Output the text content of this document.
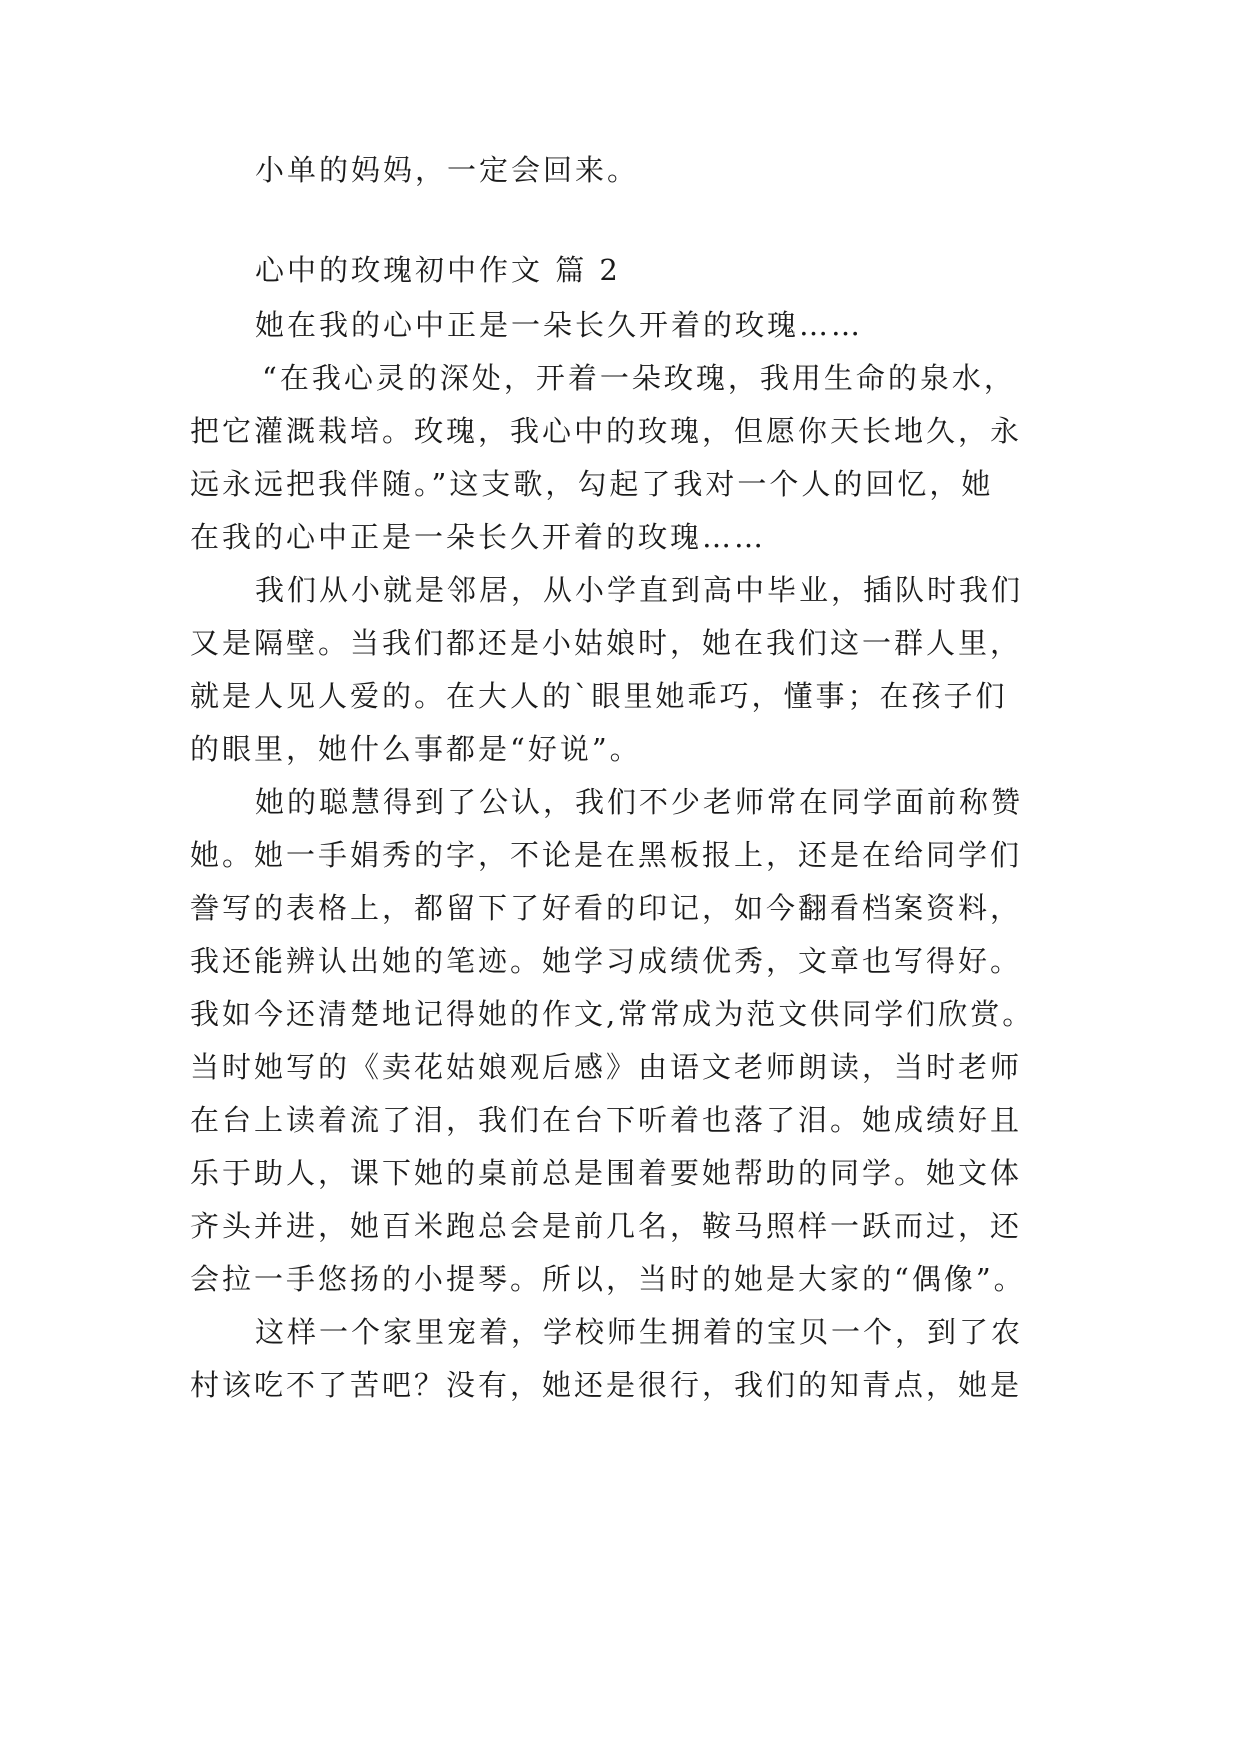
小单的妈妈，一定会回来。
心中的玫瑰初中作文 篇 2
她在我的心中正是一朵长久开着的玫瑰……
“在我心灵的深处，开着一朵玫瑰，我用生命的泉水，
把它灌溉栽培。玫瑰，我心中的玫瑰，但愿你天长地久，永
远永远把我伴随。”这支歌，勾起了我对一个人的回忆，她
在我的心中正是一朵长久开着的玫瑰……
我们从小就是邻居，从小学直到高中毕业，插队时我们
又是隔壁。当我们都还是小姑娘时，她在我们这一群人里，
就是人见人爱的。在大人的`眼里她乖巧，懂事；在孩子们
的眼里，她什么事都是“好说”。
她的聪慧得到了公认，我们不少老师常在同学面前称赞
她。她一手娟秀的字，不论是在黑板报上，还是在给同学们
誊写的表格上，都留下了好看的印记，如今翻看档案资料，
我还能辨认出她的笔迹。她学习成绩优秀，文章也写得好。
我如今还清楚地记得她的作文,常常成为范文供同学们欣赏。
当时她写的《卖花姑娘观后感》由语文老师朗读，当时老师
在台上读着流了泪，我们在台下听着也落了泪。她成绩好且
乐于助人，课下她的桌前总是围着要她帮助的同学。她文体
齐头并进，她百米跑总会是前几名，鞍马照样一跃而过，还
会拉一手悠扬的小提琴。所以，当时的她是大家的“偶像”。
这样一个家里宠着，学校师生拥着的宝贝一个，到了农
村该吃不了苦吧？没有，她还是很行，我们的知青点，她是
